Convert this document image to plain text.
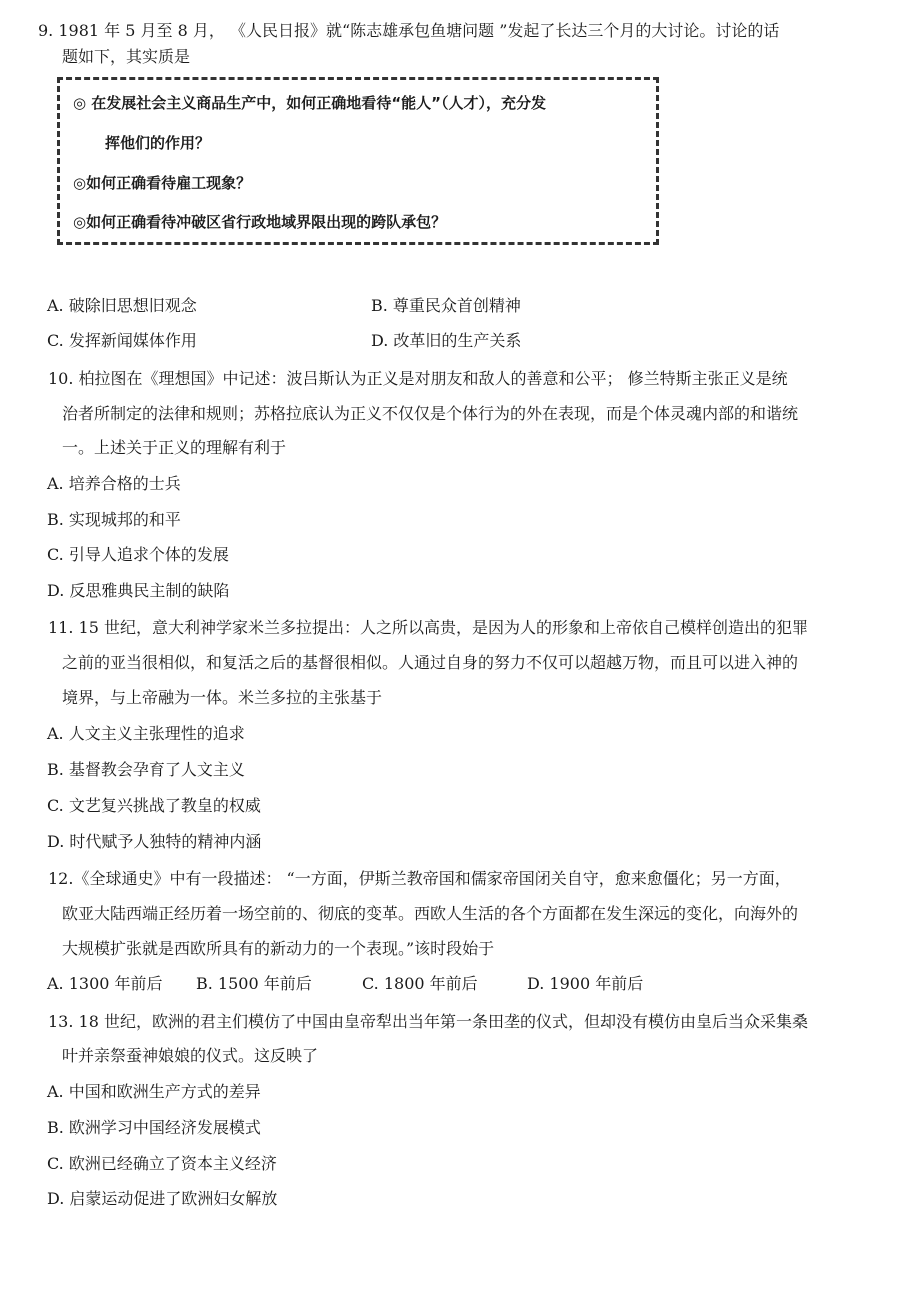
9. 1981 年 5 月至 8 月， 《人民日报》就“陈志雄承包鱼塘问题 ”发起了长达三个月的大讨论。讨论的话
题如下，其实质是
◎ 在发展社会主义商品生产中，如何正确地看待“能人”（人才），充分发
挥他们的作用？
◎如何正确看待雇工现象？
◎如何正确看待冲破区省行政地域界限出现的跨队承包？
A. 破除旧思想旧观念	B. 尊重民众首创精神
C. 发挥新闻媒体作用	D. 改革旧的生产关系
10. 柏拉图在《理想国》中记述：波吕斯认为正义是对朋友和敌人的善意和公平； 修兰特斯主张正义是统
治者所制定的法律和规则；苏格拉底认为正义不仅仅是个体行为的外在表现，而是个体灵魂内部的和谐统
一。上述关于正义的理解有利于
A. 培养合格的士兵
B. 实现城邦的和平
C. 引导人追求个体的发展
D. 反思雅典民主制的缺陷
11. 15 世纪，意大利神学家米兰多拉提出：人之所以高贵，是因为人的形象和上帝依自己模样创造出的犯罪
之前的亚当很相似，和复活之后的基督很相似。人通过自身的努力不仅可以超越万物，而且可以进入神的
境界，与上帝融为一体。米兰多拉的主张基于
A. 人文主义主张理性的追求
B. 基督教会孕育了人文主义
C. 文艺复兴挑战了教皇的权威
D. 时代赋予人独特的精神内涵
12.《全球通史》中有一段描述： “一方面，伊斯兰教帝国和儒家帝国闭关自守，愈来愈僵化；另一方面，
欧亚大陆西端正经历着一场空前的、彻底的变革。西欧人生活的各个方面都在发生深远的变化，向海外的
大规模扩张就是西欧所具有的新动力的一个表现。”该时段始于
A. 1300 年前后 B. 1500 年前后	C. 1800 年前后	D. 1900 年前后
13. 18 世纪，欧洲的君主们模仿了中国由皇帝犁出当年第一条田垄的仪式，但却没有模仿由皇后当众采集桑
叶并亲祭蚕神娘娘的仪式。这反映了
A. 中国和欧洲生产方式的差异
B. 欧洲学习中国经济发展模式
C. 欧洲已经确立了资本主义经济
D. 启蒙运动促进了欧洲妇女解放
